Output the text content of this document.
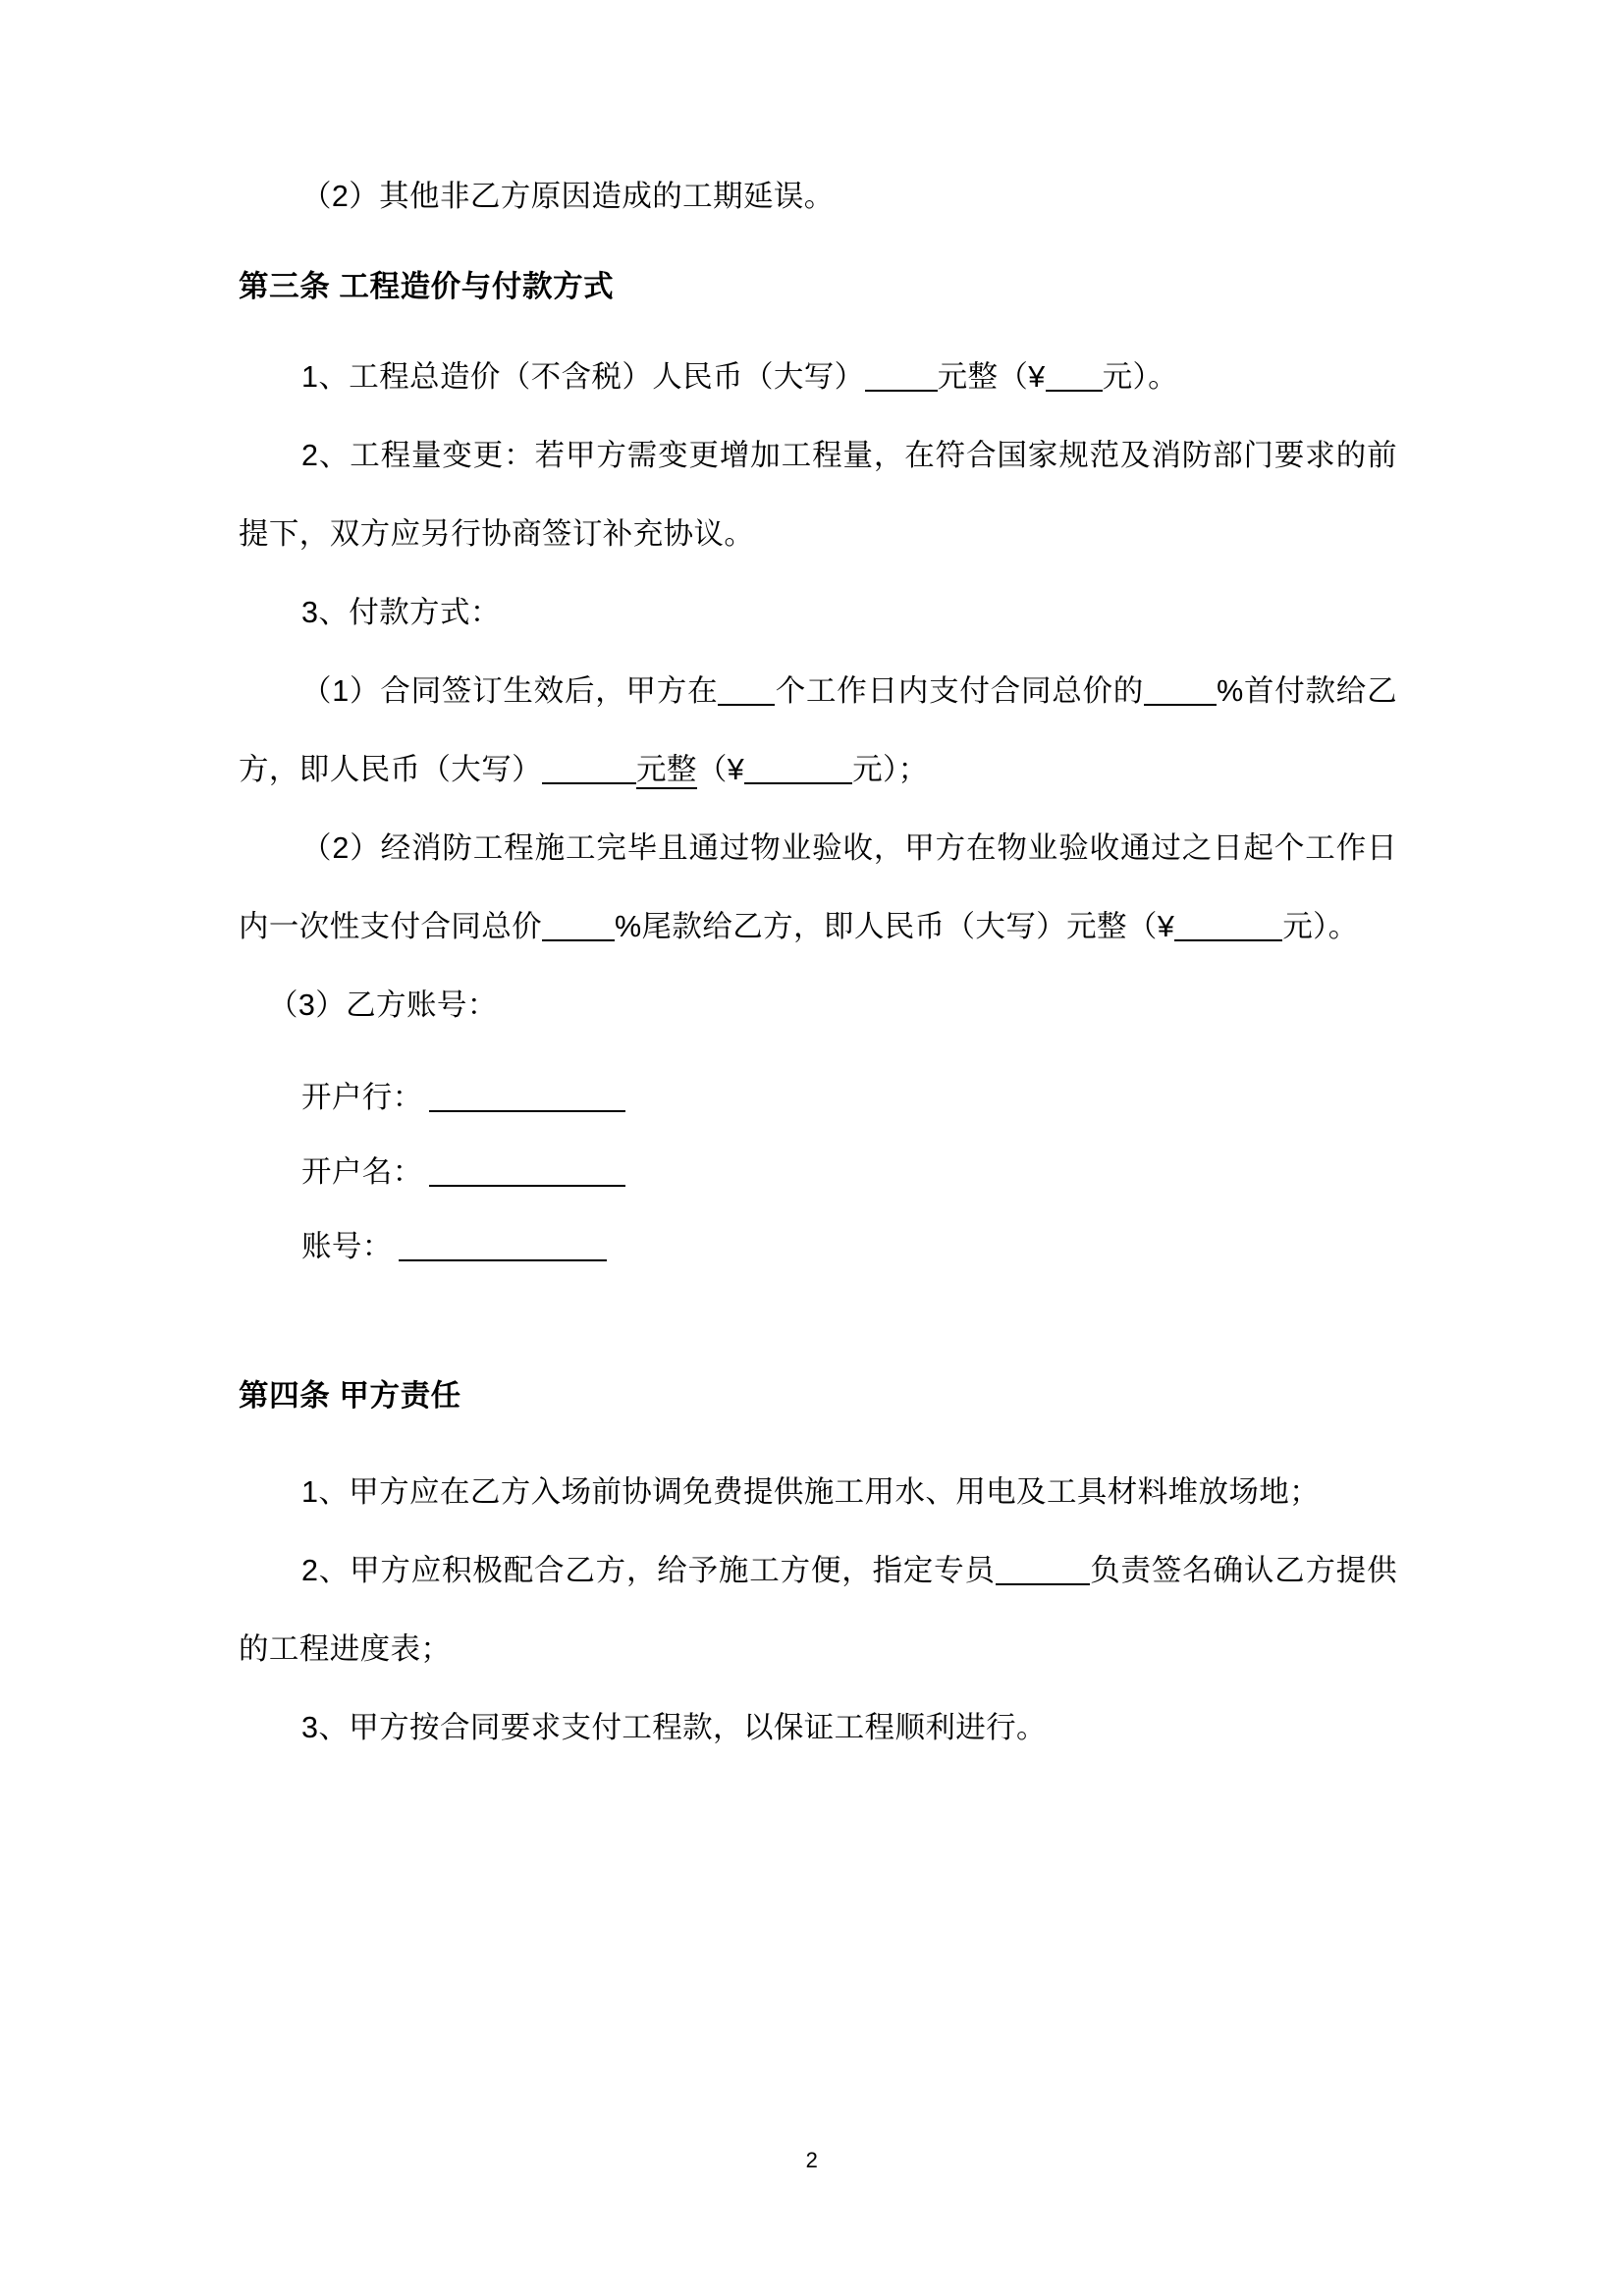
（2）其他非乙方原因造成的工期延误。

第三条 工程造价与付款方式

1、工程总造价（不含税）人民币（大写） 元整（¥ 元）。

2、工程量变更：若甲方需变更增加工程量，在符合国家规范及消防部门要求的前提下，双方应另行协商签订补充协议。

3、付款方式：

（1）合同签订生效后，甲方在 个工作日内支付合同总价的 %首付款给乙方，即人民币（大写）	元整（¥	元）；

（2）经消防工程施工完毕且通过物业验收，甲方在物业验收通过之日起个工作日内一次性支付合同总价 %尾款给乙方，即人民币（大写）元整（¥	元）。

（3）乙方账号：

开户行：

开户名：

账号：

第四条 甲方责任

1、甲方应在乙方入场前协调免费提供施工用水、用电及工具材料堆放场地；

2、甲方应积极配合乙方，给予施工方便，指定专员	负责签名确认乙方提供的工程进度表；

3、甲方按合同要求支付工程款，以保证工程顺利进行。

2
